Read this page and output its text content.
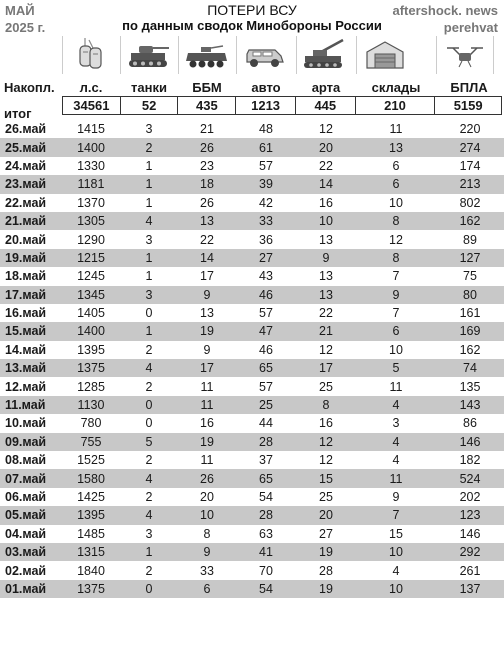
МАЙ
2025 г.
ПОТЕРИ ВСУ
по данным сводок Минобороны России
aftershock. news
perehvat
Накопл.	л.с.	танки	ББМ	авто	арта	склады	БПЛА
итог
34561	52	435	1213	445	210	5159
26.май	1415	3	21	48	12	11	220
25.май	1400	2	26	61	20	13	274
24.май	1330	1	23	57	22	6	174
23.май	1181	1	18	39	14	6	213
22.май	1370	1	26	42	16	10	802
21.май	1305	4	13	33	10	8	162
20.май	1290	3	22	36	13	12	89
19.май	1215	1	14	27	9	8	127
18.май	1245	1	17	43	13	7	75
17.май	1345	3	9	46	13	9	80
16.май	1405	0	13	57	22	7	161
15.май	1400	1	19	47	21	6	169
14.май	1395	2	9	46	12	10	162
13.май	1375	4	17	65	17	5	74
12.май	1285	2	11	57	25	11	135
11.май	1130	0	11	25	8	4	143
10.май	780	0	16	44	16	3	86
09.май	755	5	19	28	12	4	146
08.май	1525	2	11	37	12	4	182
07.май	1580	4	26	65	15	11	524
06.май	1425	2	20	54	25	9	202
05.май	1395	4	10	28	20	7	123
04.май	1485	3	8	63	27	15	146
03.май	1315	1	9	41	19	10	292
02.май	1840	2	33	70	28	4	261
01.май	1375	0	6	54	19	10	137
